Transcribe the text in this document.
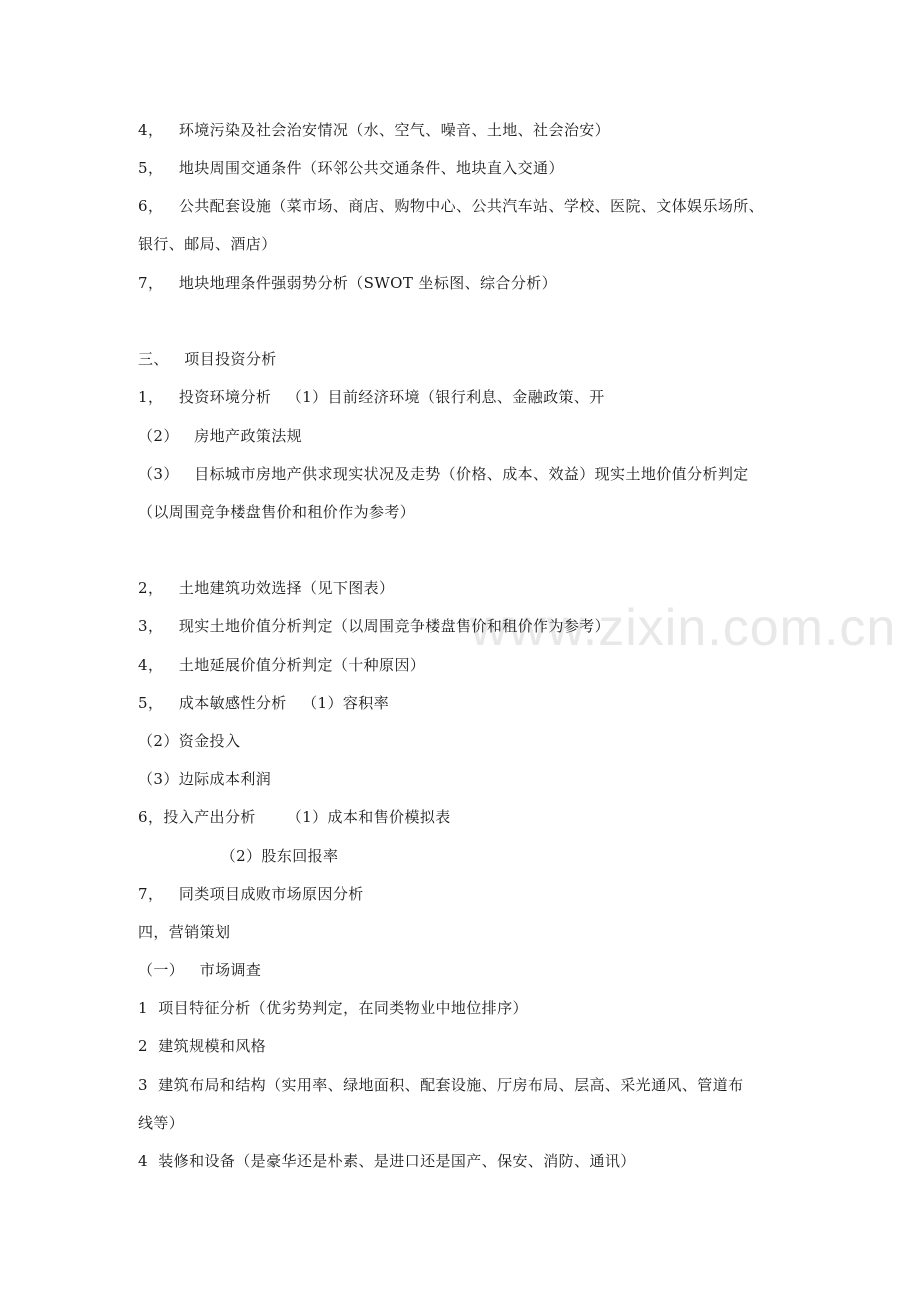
www.zixin.com.cn
4，   环境污染及社会治安情况（水、空气、噪音、土地、社会治安）
5，   地块周围交通条件（环邻公共交通条件、地块直入交通）
6，   公共配套设施（菜市场、商店、购物中心、公共汽车站、学校、医院、文体娱乐场所、
银行、邮局、酒店）
7，   地块地理条件强弱势分析（SWOT 坐标图、综合分析）
三、   项目投资分析
1，   投资环境分析   （1）目前经济环境（银行利息、金融政策、开
（2）   房地产政策法规
（3）   目标城市房地产供求现实状况及走势（价格、成本、效益）现实土地价值分析判定
（以周围竞争楼盘售价和租价作为参考）
2，   土地建筑功效选择（见下图表）
3，   现实土地价值分析判定（以周围竞争楼盘售价和租价作为参考）
4，   土地延展价值分析判定（十种原因）
5，   成本敏感性分析   （1）容积率
（2）资金投入
（3）边际成本利润
6，投入产出分析      （1）成本和售价模拟表
（2）股东回报率
7，   同类项目成败市场原因分析
四，营销策划
（一）   市场调查
1  项目特征分析（优劣势判定，在同类物业中地位排序）
2  建筑规模和风格
3  建筑布局和结构（实用率、绿地面积、配套设施、厅房布局、层高、采光通风、管道布
线等）
4  装修和设备（是豪华还是朴素、是进口还是国产、保安、消防、通讯）
